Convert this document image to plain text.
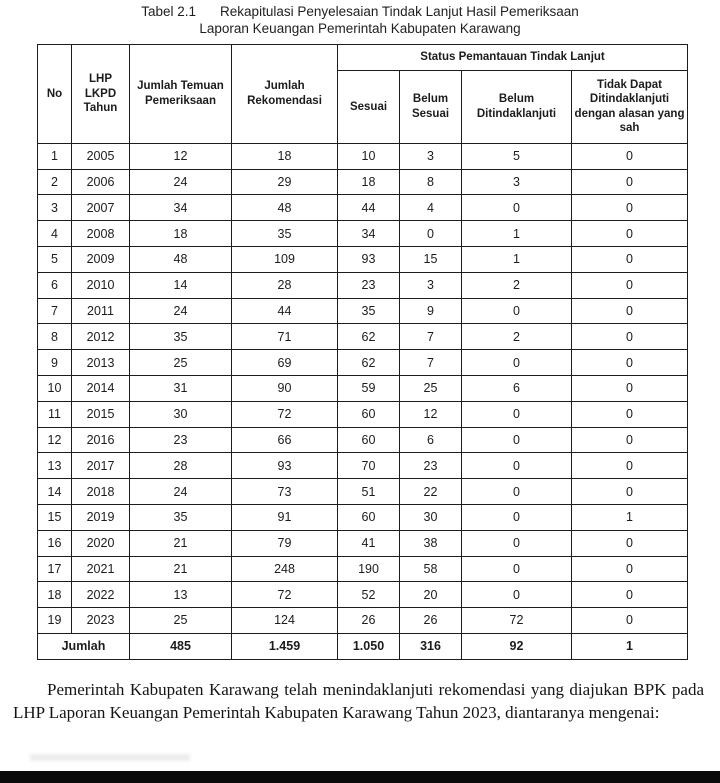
Tabel 2.1 Rekapitulasi Penyelesaian Tindak Lanjut Hasil Pemeriksaan
Laporan Keuangan Pemerintah Kabupaten Karawang
No	LHP LKPD Tahun	Jumlah Temuan Pemeriksaan	Jumlah Rekomendasi	Status Pemantauan Tindak Lanjut			
				Sesuai	Belum Sesuai	Belum Ditindaklanjuti	Tidak Dapat Ditindaklanjuti dengan alasan yang sah
1	2005	12	18	10	3	5	0
2	2006	24	29	18	8	3	0
3	2007	34	48	44	4	0	0
4	2008	18	35	34	0	1	0
5	2009	48	109	93	15	1	0
6	2010	14	28	23	3	2	0
7	2011	24	44	35	9	0	0
8	2012	35	71	62	7	2	0
9	2013	25	69	62	7	0	0
10	2014	31	90	59	25	6	0
11	2015	30	72	60	12	0	0
12	2016	23	66	60	6	0	0
13	2017	28	93	70	23	0	0
14	2018	24	73	51	22	0	0
15	2019	35	91	60	30	0	1
16	2020	21	79	41	38	0	0
17	2021	21	248	190	58	0	0
18	2022	13	72	52	20	0	0
19	2023	25	124	26	26	72	0
Jumlah		485	1.459	1.050	316	92	1

Pemerintah Kabupaten Karawang telah menindaklanjuti rekomendasi yang diajukan BPK pada LHP Laporan Keuangan Pemerintah Kabupaten Karawang Tahun 2023, diantaranya mengenai:
